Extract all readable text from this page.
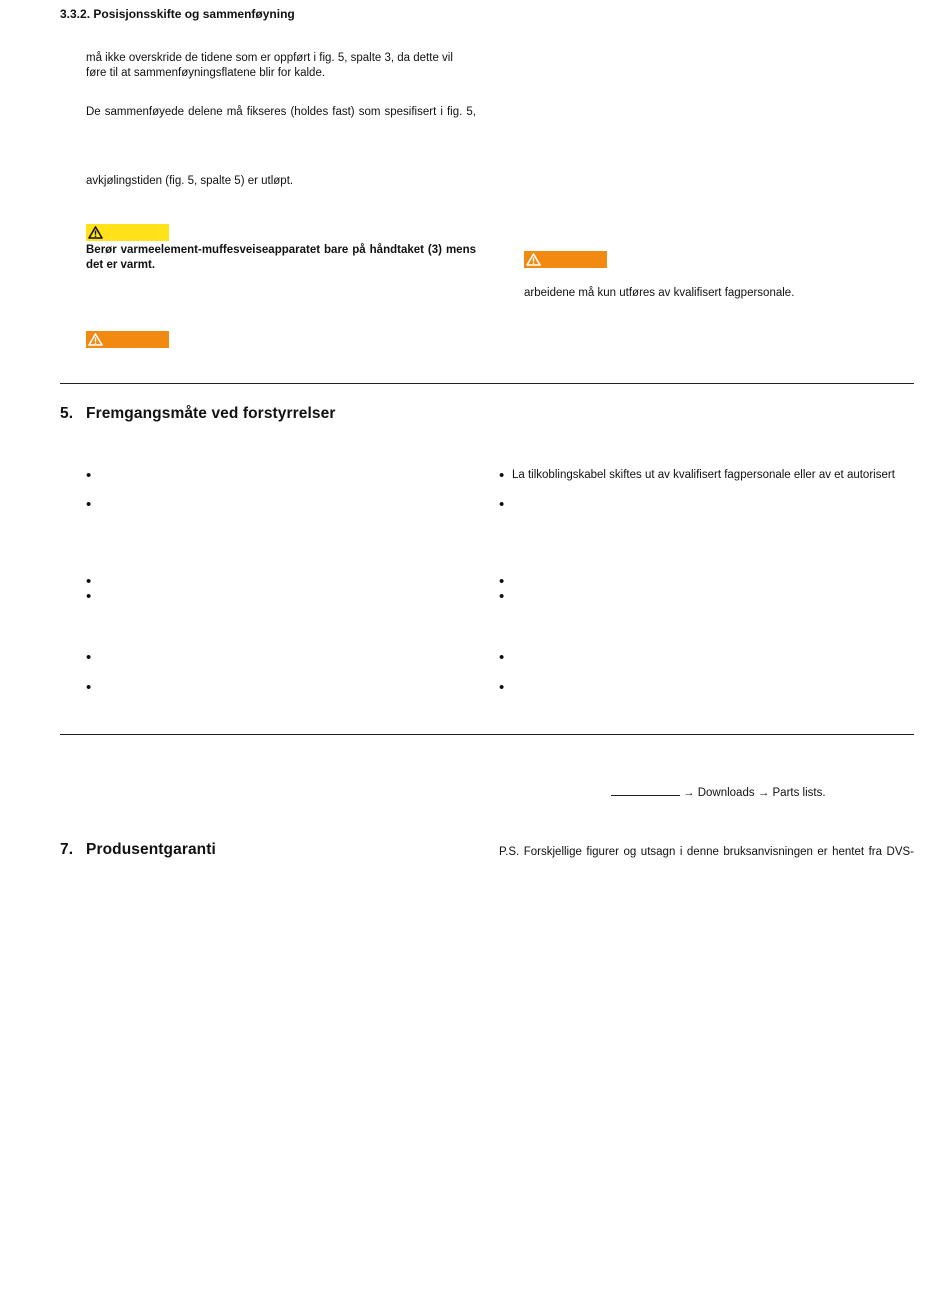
3.3.2. Posisjonsskifte og sammenføyning
må ikke overskride de tidene som er oppført i fig. 5, spalte 3, da dette vil føre til at sammenføyningsflatene blir for kalde.
De sammenføyede delene må fikseres (holdes fast) som spesifisert i fig. 5,
avkjølingstiden (fig. 5, spalte 5) er utløpt.
Berør varmeelement-muffesveiseapparatet bare på håndtaket (3) mens det er varmt.
arbeidene må kun utføres av kvalifisert fagpersonale.
5. Fremgangsmåte ved forstyrrelser
•
•
•
•
•
•
• La tilkoblingskabel skiftes ut av kvalifisert fagpersonale eller av et autorisert
•
•
•
•
•
→ Downloads → Parts lists.
7. Produsentgaranti	P.S. Forskjellige figurer og utsagn i denne bruksanvisningen er hentet fra DVS-
